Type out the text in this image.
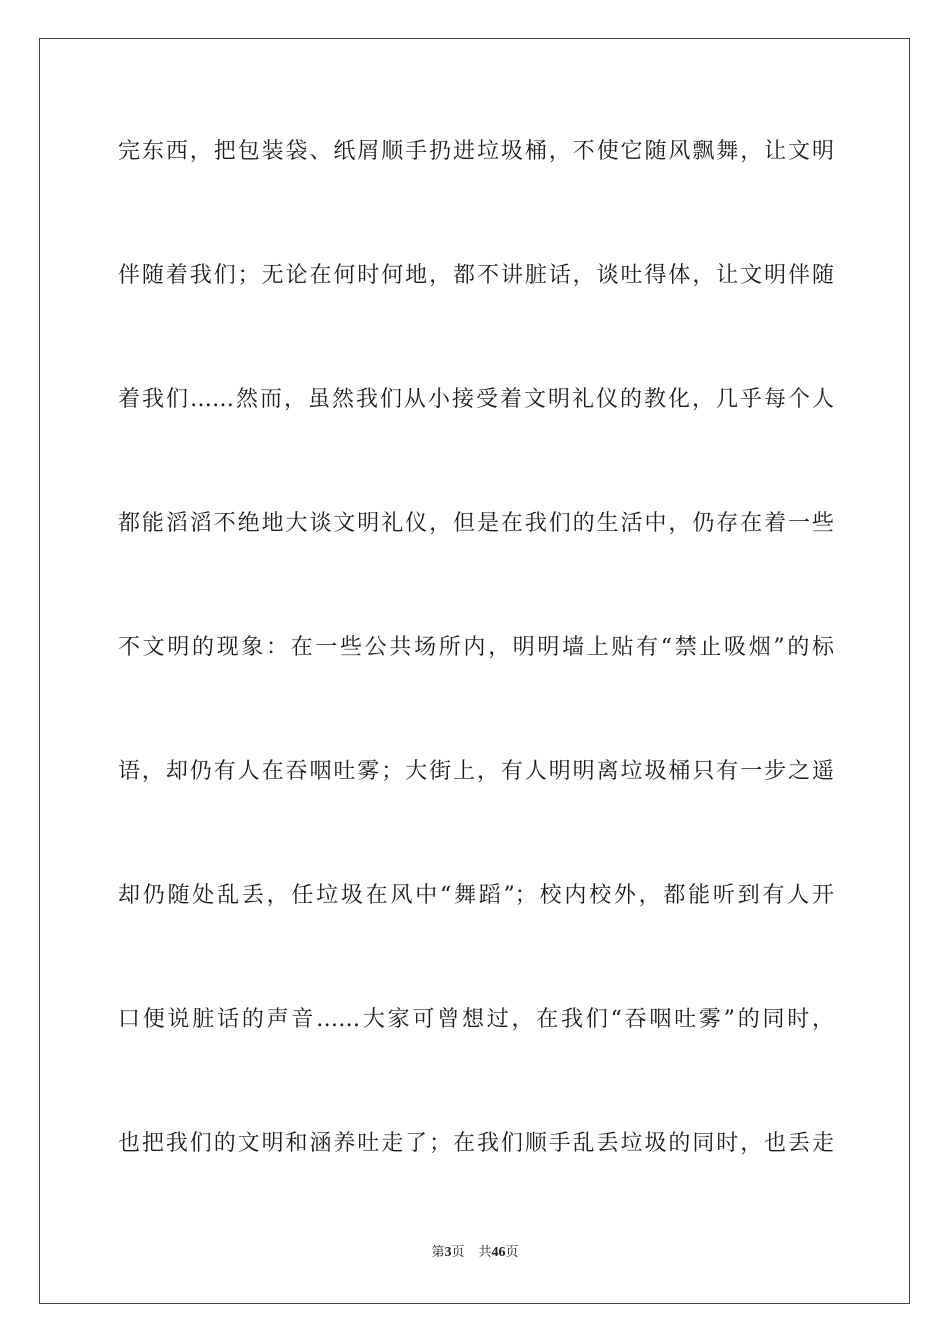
完东西，把包装袋、纸屑顺手扔进垃圾桶，不使它随风飘舞，让文明
伴随着我们；无论在何时何地，都不讲脏话，谈吐得体，让文明伴随
着我们……然而，虽然我们从小接受着文明礼仪的教化，几乎每个人
都能滔滔不绝地大谈文明礼仪，但是在我们的生活中，仍存在着一些
不文明的现象：在一些公共场所内，明明墙上贴有“禁止吸烟”的标
语，却仍有人在吞咽吐雾；大街上，有人明明离垃圾桶只有一步之遥
却仍随处乱丢，任垃圾在风中“舞蹈”；校内校外，都能听到有人开
口便说脏话的声音……大家可曾想过，在我们“吞咽吐雾”的同时，
也把我们的文明和涵养吐走了；在我们顺手乱丢垃圾的同时，也丢走
第3页 共46页
